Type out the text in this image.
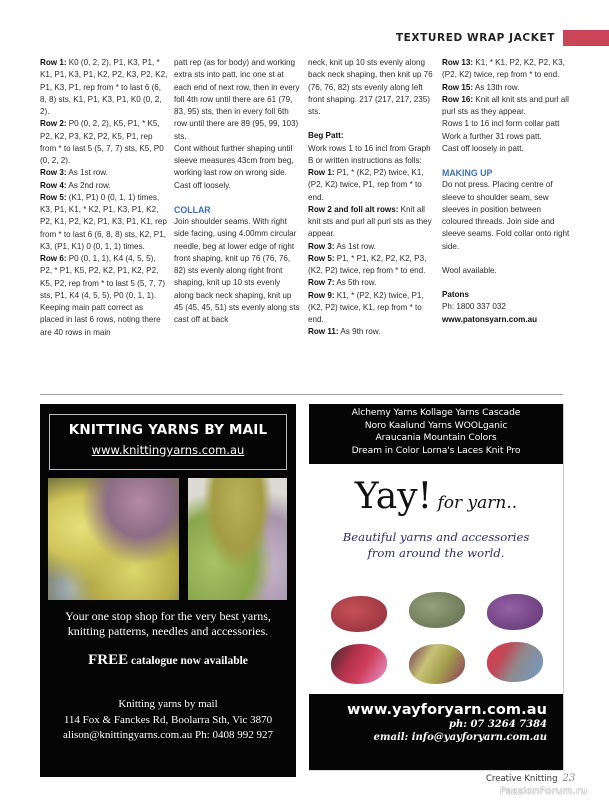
TEXTURED WRAP JACKET

Row 1: K0 (0, 2, 2), P1, K3, P1, * K1, P1, K3, P1, K2, P2, K3, P2, K2, P1, K3, P1, rep from * to last 6 (6, 8, 8) sts, K1, P1, K3, P1, K0 (0, 2, 2).

Row 2: P0 (0, 2, 2), K5, P1, * K5, P2, K2, P3, K2, P2, K5, P1, rep from * to last 5 (5, 7, 7) sts, K5, P0 (0, 2, 2).

Row 3: As 1st row.

Row 4: As 2nd row.

Row 5: (K1, P1) 0 (0, 1, 1) times, K3, P1, K1, * K2, P1, K3, P1, K2, P2, K1, P2, K2, P1, K3, P1, K1, rep from * to last 6 (6, 8, 8) sts, K2, P1, K3, (P1, K1) 0 (0, 1, 1) times.

Row 6: P0 (0, 1, 1), K4 (4, 5, 5), P2, * P1, K5, P2, K2, P1, K2, P2, K5, P2, rep from * to last 5 (5, 7, 7) sts, P1, K4 (4, 5, 5), P0 (0, 1, 1).

Keeping main patt correct as placed in last 6 rows, noting there are 40 rows in main

patt rep (as for body) and working extra sts into patt, inc one st at each end of next row, then in every foll 4th row until there are 61 (79, 83, 95) sts, then in every foll 6th row until there are 89 (95, 99, 103) sts.

Cont without further shaping until sleeve measures 43cm from beg, working last row on wrong side.

Cast off loosely.

COLLAR

Join shoulder seams. With right side facing, using 4.00mm circular needle, beg at lower edge of right front shaping, knit up 76 (76, 76, 82) sts evenly along right front shaping, knit up 10 sts evenly along back neck shaping, knit up 45 (45, 45, 51) sts evenly along sts cast off at back

neck, knit up 10 sts evenly along back neck shaping, then knit up 76 (76, 76, 82) sts evenly along left front shaping. 217 (217, 217, 235) sts.

Beg Patt:

Work rows 1 to 16 incl from Graph B or written instructions as folls:

Row 1: P1, * (K2, P2) twice, K1, (P2, K2) twice, P1, rep from * to end.

Row 2 and foll alt rows: Knit all knit sts and purl all purl sts as they appear.

Row 3: As 1st row.

Row 5: P1, * P1, K2, P2, K2, P3, (K2, P2) twice, rep from * to end.

Row 7: As 5th row.

Row 9: K1, * (P2, K2) twice, P1, (K2, P2) twice, K1, rep from * to end.

Row 11: As 9th row.

Row 13: K1, * K1, P2, K2, P2, K3, (P2, K2) twice, rep from * to end.

Row 15: As 13th row.

Row 16: Knit all knit sts and purl all purl sts as they appear.

Rows 1 to 16 incl form collar patt

Work a further 31 rows patt.

Cast off loosely in patt.

MAKING UP

Do not press. Placing centre of sleeve to shoulder seam, sew sleeves in position between coloured threads. Join side and sleeve seams. Fold collar onto right side.

Wool available.

Patons

Ph: 1800 337 032

www.patonsyarn.com.au

KNITTING YARNS BY MAIL
www.knittingyarns.com.au
Your one stop shop for the very best yarns,
knitting patterns, needles and accessories.
FREE catalogue now available
Knitting yarns by mail
114 Fox & Fanckes Rd, Boolarra Sth, Vic 3870
alison@knittingyarns.com.au Ph: 0408 992 927
Alchemy Yarns Kollage Yarns Cascade
Noro Kaalund Yarns WOOLganic
Araucania Mountain Colors
Dream in Color Lorna's Laces Knit Pro
Yay! for yarn..
Beautiful yarns and accessories
from around the world.
www.yayforyarn.com.au
ph: 07 3264 7384
email: info@yayforyarn.com.au
Creative Knitting 23
PassionForum.ru
